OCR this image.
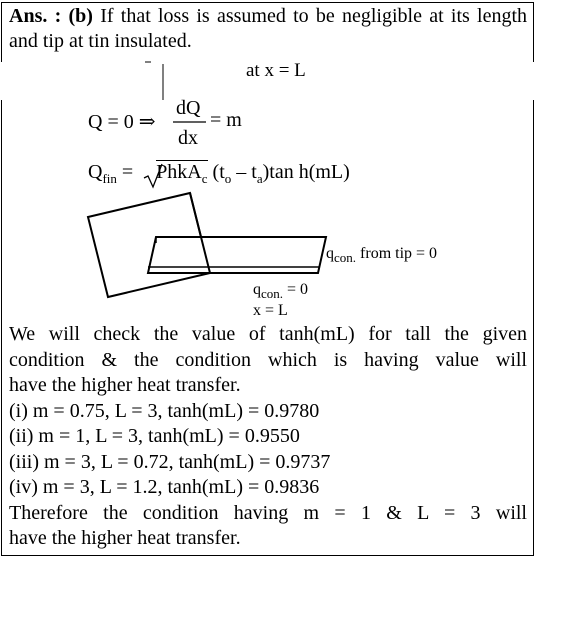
Ans. : (b) If that loss is assumed to be negligible at its length and tip at tin insulated.
at x = L
Q = 0 ⇒
dQ
dx
= m
$Q_{fin}$ = PhkA$_c$ $(t_o - t_a)\tan$ h(mL)
$q_{con.}$ from tip = 0
$q_{con.} = 0$
x = L

We will check the value of tanh(mL) for tall the given

condition & the condition which is having value will

have the higher heat transfer.

(i) m = 0.75, L = 3, tanh(mL) = 0.9780

(ii) m = 1, L = 3, tanh(mL) = 0.9550

(iii) m = 3, L = 0.72, tanh(mL) = 0.9737

(iv) m = 3, L = 1.2, tanh(mL) = 0.9836

Therefore the condition having m = 1 & L = 3 will

have the higher heat transfer.
